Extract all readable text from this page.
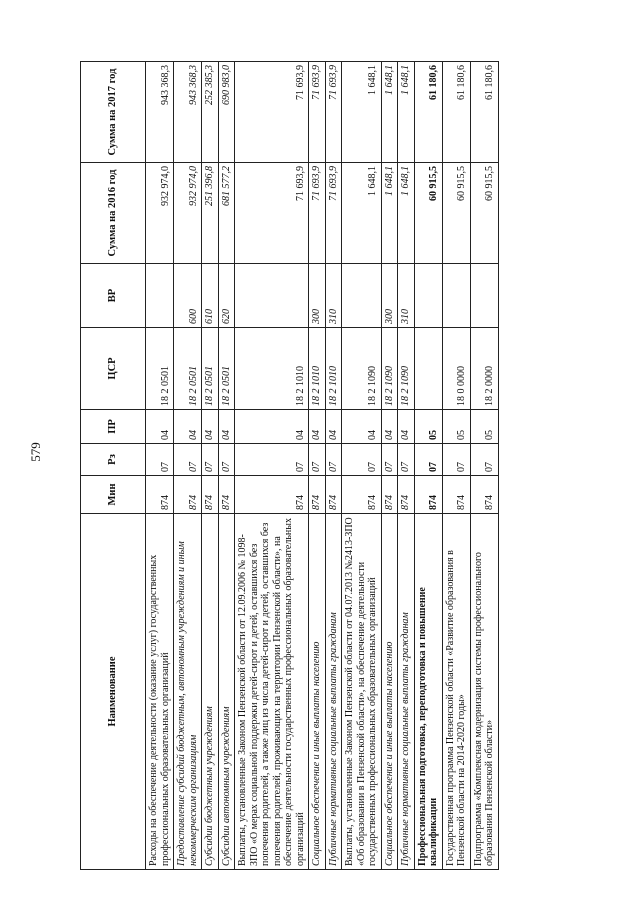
579
Наименование	Мин	Рз	ПР	ЦСР	ВР	Сумма на 2016 год	Сумма на 2017 год
Расходы на обеспечение деятельности (оказание услуг) государственных профессиональных образовательных организаций	874	07	04	18 2 0501		932 974,0	943 368,3
Предоставление субсидий бюджетным, автономным учреждениям и иным некоммерческим организациям	874	07	04	18 2 0501	600	932 974,0	943 368,3
Субсидии бюджетным учреждениям	874	07	04	18 2 0501	610	251 396,8	252 385,3
Субсидии автономным учреждениям	874	07	04	18 2 0501	620	681 577,2	690 983,0
Выплаты, установленные Законом Пензенской области от 12.09.2006 № 1098-ЗПО «О мерах социальной поддержки детей-сирот и детей, оставшихся без попечения родителей, а также лиц из числа детей-сирот и детей, оставшихся без попечения родителей, проживающих на территории Пензенской области», на обеспечение деятельности государственных профессиональных образовательных организаций	874	07	04	18 2 1010		71 693,9	71 693,9
Социальное обеспечение и иные выплаты населению	874	07	04	18 2 1010	300	71 693,9	71 693,9
Публичные нормативные социальные выплаты гражданам	874	07	04	18 2 1010	310	71 693,9	71 693,9
Выплаты, установленные Законом Пензенской области от 04.07.2013 №2413-ЗПО «Об образовании в Пензенской области», на обеспечение деятельности государственных профессиональных образовательных организаций	874	07	04	18 2 1090		1 648,1	1 648,1
Социальное обеспечение и иные выплаты населению	874	07	04	18 2 1090	300	1 648,1	1 648,1
Публичные нормативные социальные выплаты гражданам	874	07	04	18 2 1090	310	1 648,1	1 648,1
Профессиональная подготовка, переподготовка и повышение квалификации	874	07	05			60 915,5	61 180,6
Государственная программа Пензенской области «Развитие образования в Пензенской области на 2014-2020 годы»	874	07	05	18 0 0000		60 915,5	61 180,6
Подпрограмма «Комплексная модернизация системы профессионального образования Пензенской области»	874	07	05	18 2 0000		60 915,5	61 180,6
